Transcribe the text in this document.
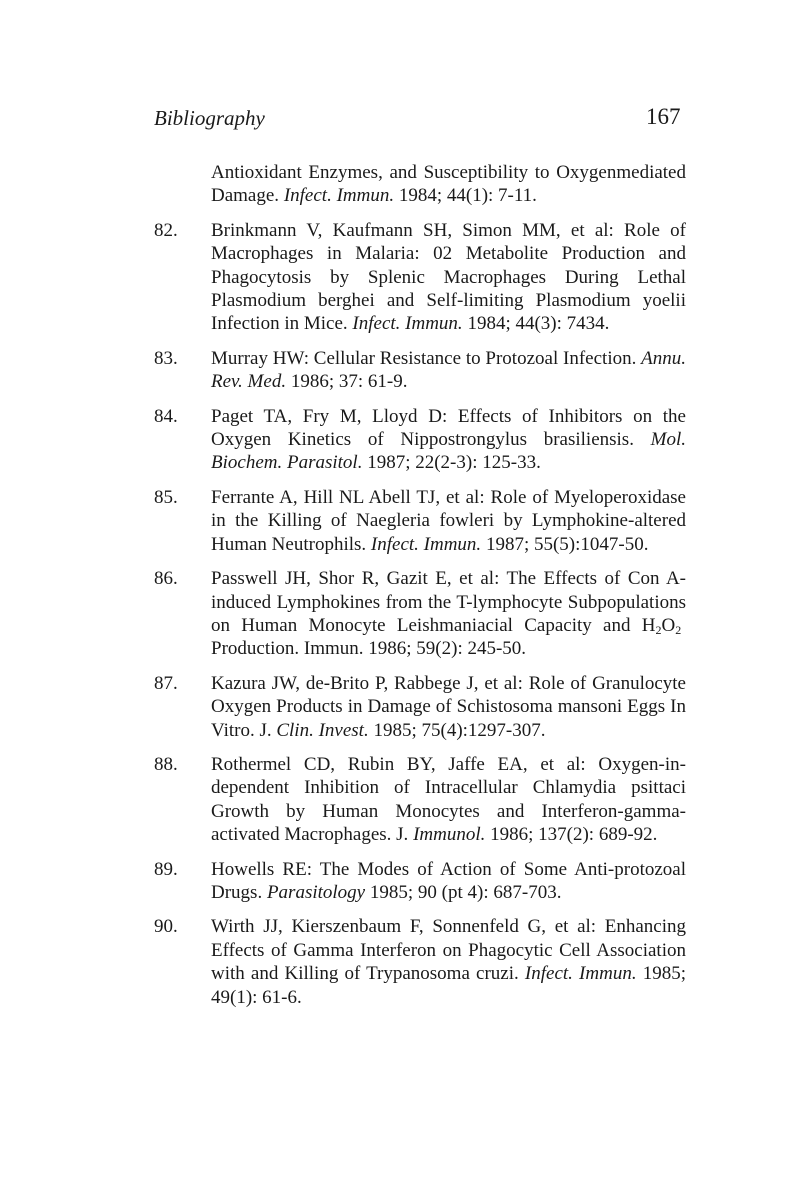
Bibliography	167
Antioxidant Enzymes, and Susceptibility to Oxygenmediated Damage. Infect. Immun. 1984; 44(1): 7-11.
82.	Brinkmann V, Kaufmann SH, Simon MM, et al: Role of Macrophages in Malaria: 02 Metabolite Production and Phagocytosis by Splenic Macrophages During Lethal Plasmodium berghei and Self-limiting Plasmodium yoelii Infection in Mice. Infect. Immun. 1984; 44(3): 7434.
83.	Murray HW: Cellular Resistance to Protozoal Infection. Annu. Rev. Med. 1986; 37: 61-9.
84.	Paget TA, Fry M, Lloyd D: Effects of Inhibitors on the Oxygen Kinetics of Nippostrongylus brasiliensis. Mol. Biochem. Parasitol. 1987; 22(2-3): 125-33.
85.	Ferrante A, Hill NL Abell TJ, et al: Role of Myeloperoxidase in the Killing of Naegleria fowleri by Lymphokine-altered Human Neutrophils. Infect. Immun. 1987; 55(5):1047-50.
86.	Passwell JH, Shor R, Gazit E, et al: The Effects of Con A-induced Lymphokines from the T-lymphocyte Subpopulations on Human Monocyte Leishmaniacial Capacity and $H_2O_2$  Production. Immun. 1986; 59(2): 245-50.
87.	Kazura JW, de-Brito P, Rabbege J, et al: Role of Granulocyte Oxygen Products in Damage of Schistosoma mansoni Eggs In Vitro. J. Clin. Invest. 1985; 75(4):1297-307.
88.	Rothermel CD, Rubin BY, Jaffe EA, et al: Oxygen-independent Inhibition of Intracellular Chlamydia psittaci Growth by Human Monocytes and Interferon-gamma-activated Macrophages. J. Immunol. 1986; 137(2): 689-92.
89.	Howells RE: The Modes of Action of Some Anti-protozoal Drugs. Parasitology 1985; 90 (pt 4): 687-703.
90.	Wirth JJ, Kierszenbaum F, Sonnenfeld G, et al: Enhancing Effects of Gamma Interferon on Phagocytic Cell Association with and Killing of Trypanosoma cruzi. Infect. Immun. 1985; 49(1): 61-6.
